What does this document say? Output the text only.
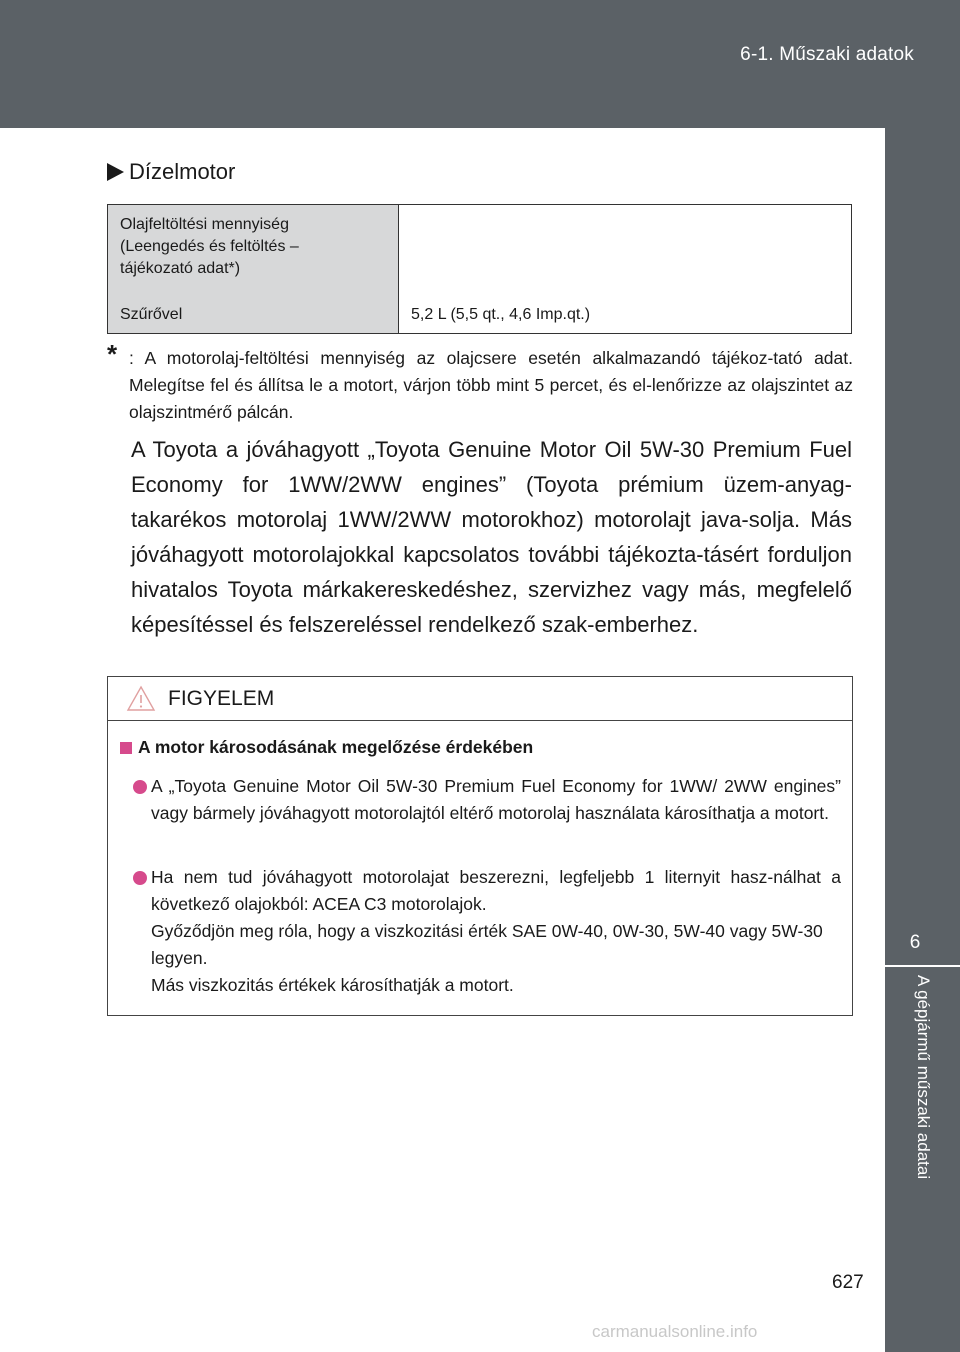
6-1. Műszaki adatok
6
A gépjármű műszaki adatai
Dízelmotor
Olajfeltöltési mennyiség
(Leengedés és feltöltés –
tájékozató adat*)
Szűrővel	5,2 L (5,5 qt., 4,6 Imp.qt.)
* : A motorolaj-feltöltési mennyiség az olajcsere esetén alkalmazandó tájékoz-tató adat. Melegítse fel és állítsa le a motort, várjon több mint 5 percet, és el-lenőrizze az olajszintet az olajszintmérő pálcán.
A Toyota a jóváhagyott „Toyota Genuine Motor Oil 5W-30 Premium Fuel Economy for 1WW/2WW engines” (Toyota prémium üzem-anyag-takarékos motorolaj 1WW/2WW motorokhoz) motorolajt java-solja. Más jóváhagyott motorolajokkal kapcsolatos további tájékozta-tásért forduljon hivatalos Toyota márkakereskedéshez, szervizhez vagy más, megfelelő képesítéssel és felszereléssel rendelkező szak-emberhez.
FIGYELEM
A motor károsodásának megelőzése érdekében
A „Toyota Genuine Motor Oil 5W-30 Premium Fuel Economy for 1WW/ 2WW engines” vagy bármely jóváhagyott motorolajtól eltérő motorolaj használata károsíthatja a motort.
Ha nem tud jóváhagyott motorolajat beszerezni, legfeljebb 1 liternyit hasz-nálhat a következő olajokból: ACEA C3 motorolajok.
Győződjön meg róla, hogy a viszkozitási érték SAE 0W-40, 0W-30, 5W-40 vagy 5W-30 legyen.
Más viszkozitás értékek károsíthatják a motort.
627
carmanualsonline.info
